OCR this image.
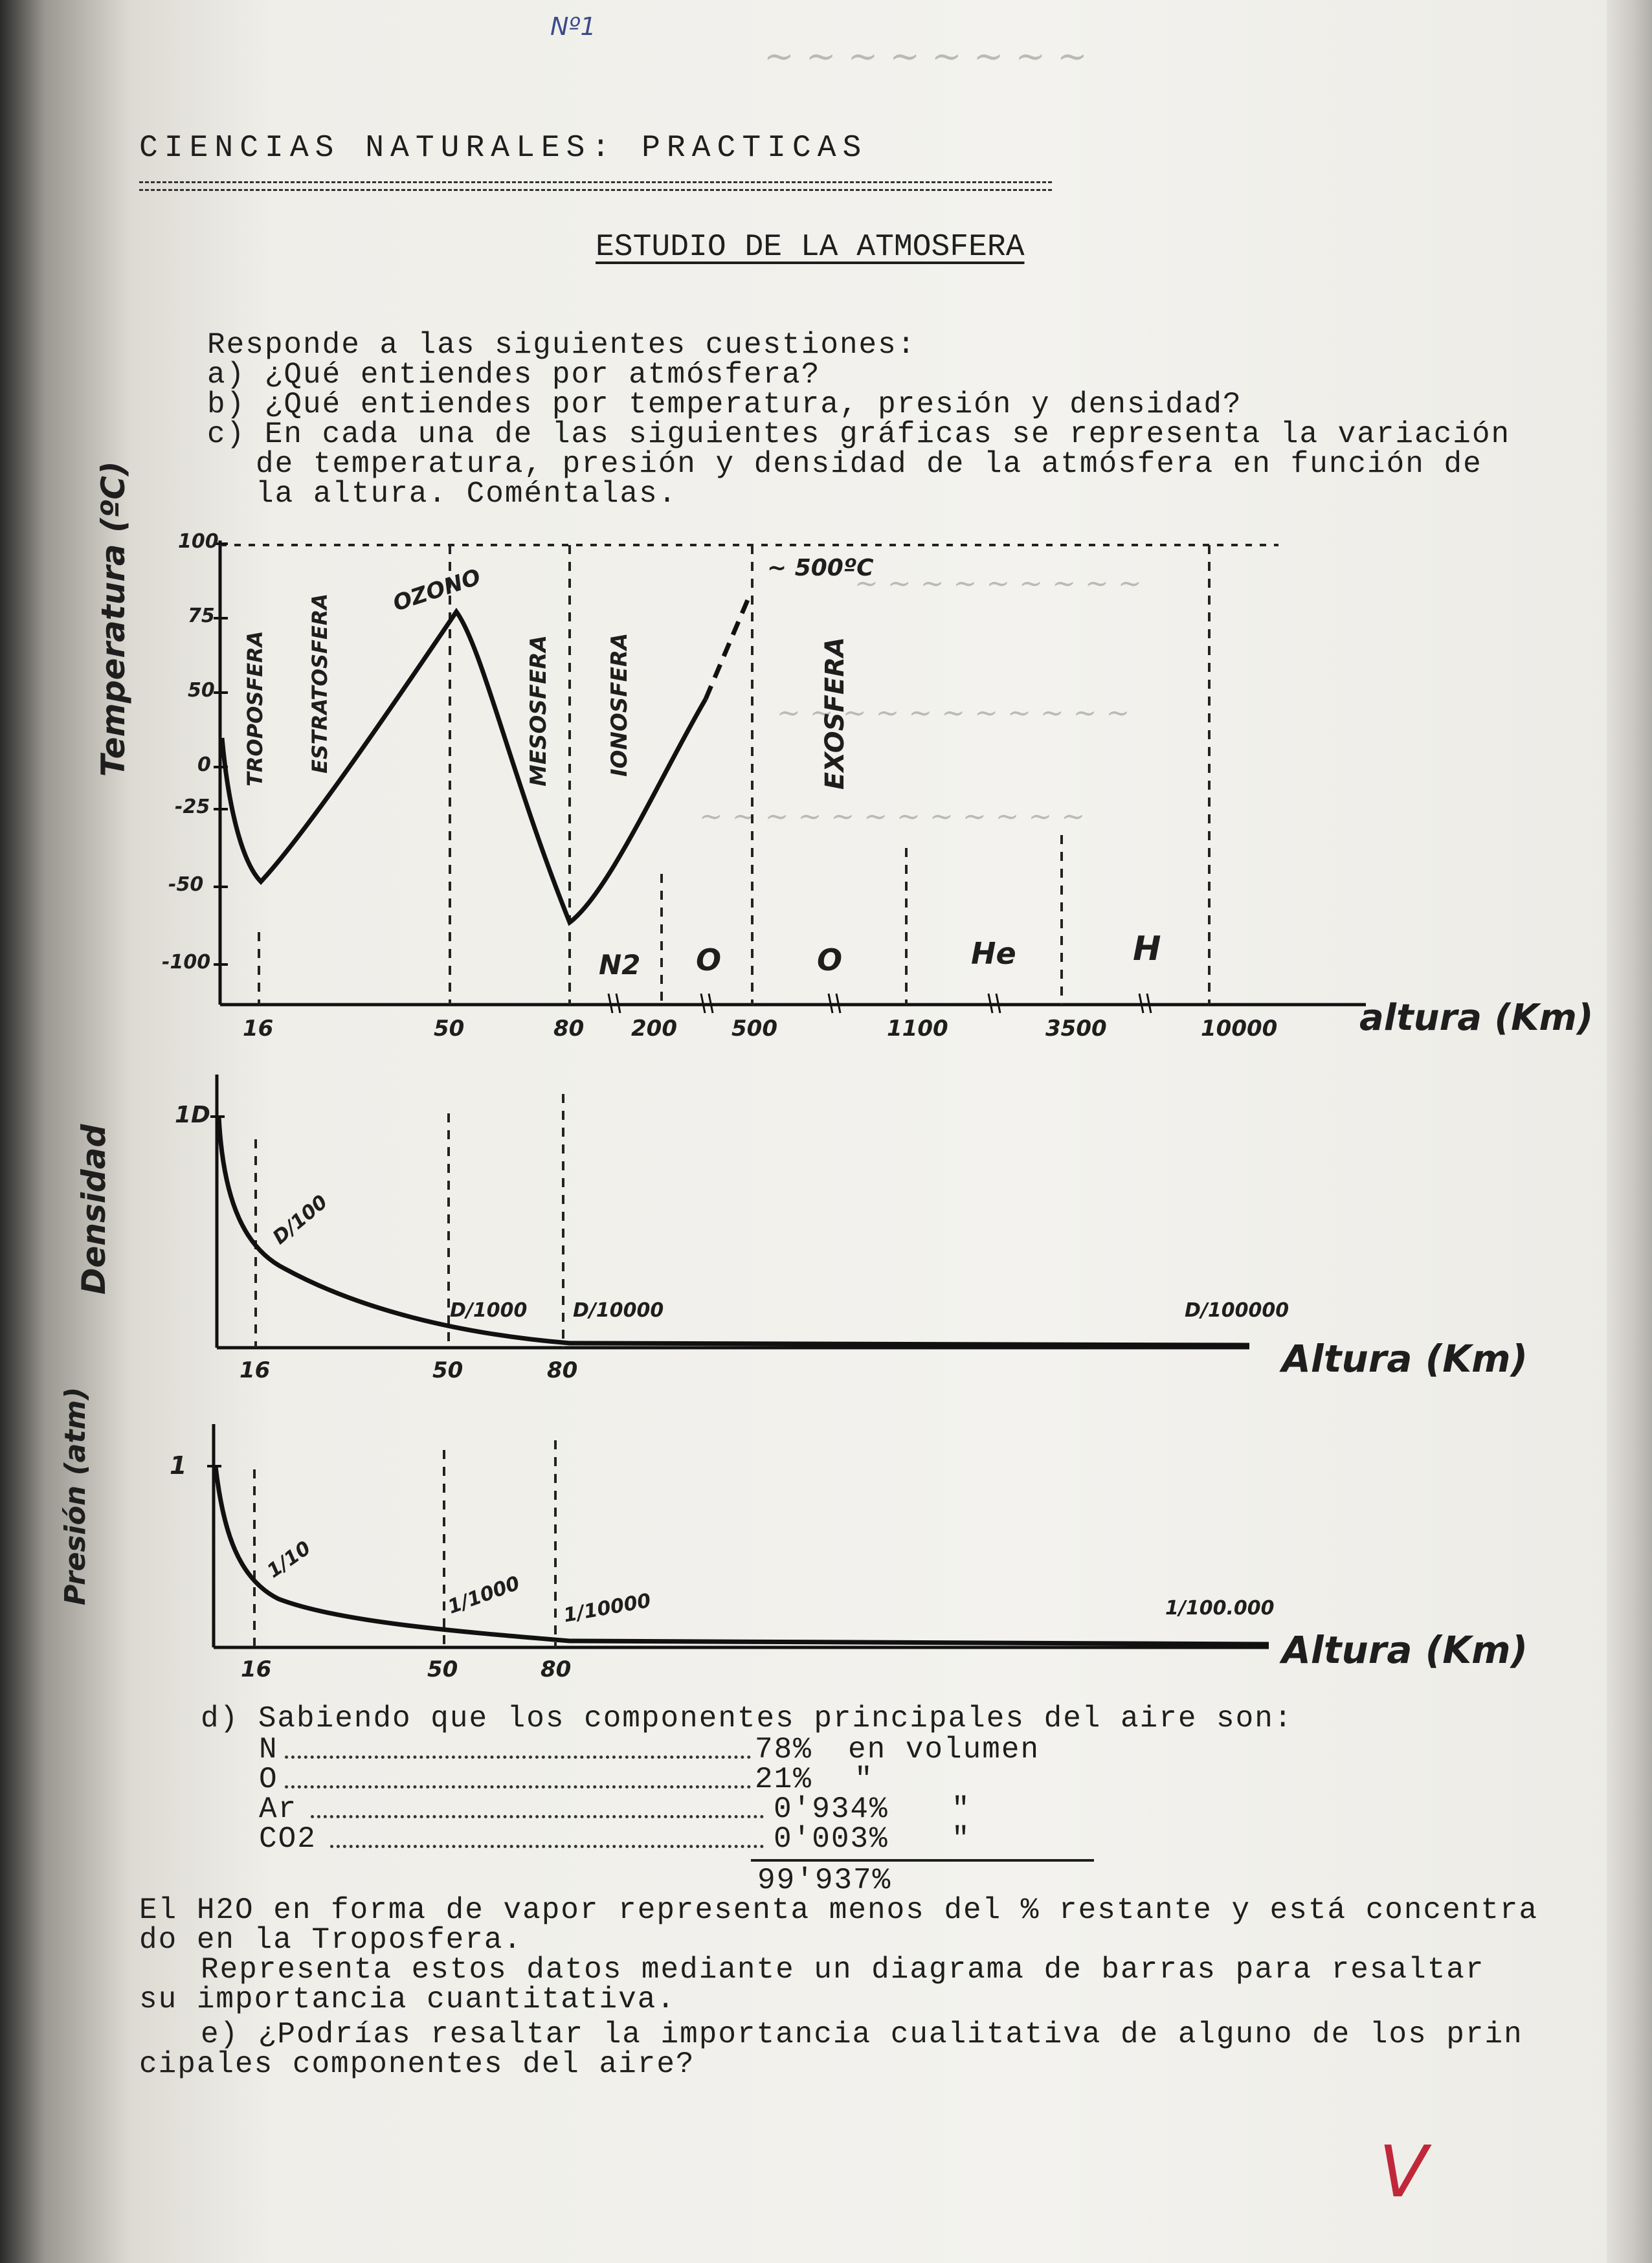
~ ~ ~ ~ ~ ~ ~ ~
~ ~ ~ ~ ~ ~ ~ ~ ~
~ ~ ~ ~ ~ ~ ~ ~ ~ ~ ~
~ ~ ~ ~ ~ ~ ~ ~ ~ ~ ~ ~
Nº1
CIENCIAS NATURALES: PRACTICAS
ESTUDIO DE LA ATMOSFERA
Responde a las siguientes cuestiones:
a) ¿Qué entiendes por atmósfera?
b) ¿Qué entiendes por temperatura, presión y densidad?
c) En cada una de las siguientes gráficas se representa la variación
de temperatura, presión y densidad de la atmósfera en función de
la altura. Coméntalas.
Temperatura (ºC) 100
75
50
0
-25
-50
-100
16	50	80 200 500	1100	3500	10000 altura (Km)
TROPOSFERA ESTRATOSFERA	MESOSFERA	IONOSFERA	EXOSFERA
OZONO	~ 500ºC
N2 O	O	He	H
Densidad
1D
D/100
D/1000 D/10000	D/100000
16	50	80	Altura (Km)
Presión (atm)	1
1/10
1/1000 1/10000	1/100.000
16	50	80	Altura (Km)
d) Sabiendo que los componentes principales del aire son:
N	78% en volumen
O	21% "
Ar	0'934% "
CO2	0'003% "
99'937%
El H2O en forma de vapor representa menos del % restante y está concentra
do en la Troposfera.
Representa estos datos mediante un diagrama de barras para resaltar
su importancia cuantitativa.
e) ¿Podrías resaltar la importancia cualitativa de alguno de los prin
cipales componentes del aire?
V
